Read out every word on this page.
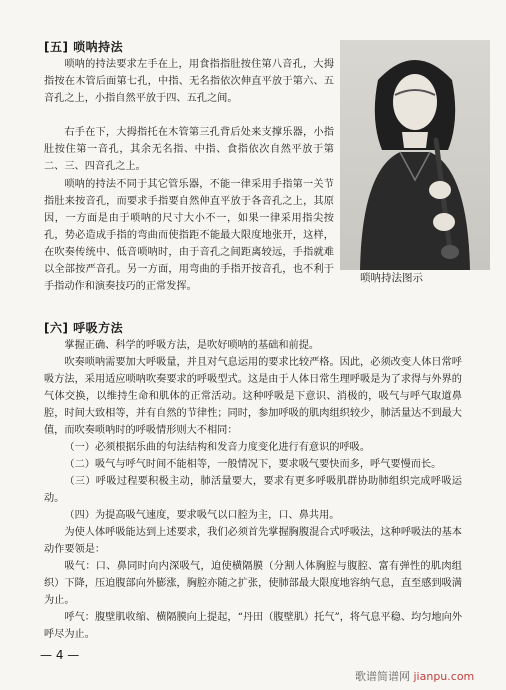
[五] 唢呐持法
唢呐的持法要求左手在上，用食指指肚按住第八音孔，大拇指按在木管后面第七孔，中指、无名指依次伸直平放于第六、五音孔之上，小指自然平放于四、五孔之间。
右手在下，大拇指托在木管第三孔背后处来支撑乐器，小指肚按住第一音孔，其余无名指、中指、食指依次自然平放于第二、三、四音孔之上。
唢呐的持法不同于其它管乐器，不能一律采用手指第一关节指肚来按音孔，而要求手指要自然伸直平放于各音孔之上，其原因，一方面是由于唢呐的尺寸大小不一，如果一律采用指尖按孔，势必造成手指的弯曲而使指距不能最大限度地张开，这样，在吹奏传统中、低音唢呐时，由于音孔之间距离较远，手指就难以全部按严音孔。另一方面，用弯曲的手指开按音孔，也不利于手指动作和演奏技巧的正常发挥。
唢呐持法图示
[六] 呼吸方法
掌握正确、科学的呼吸方法，是吹好唢呐的基础和前提。
吹奏唢呐需要加大呼吸量，并且对气息运用的要求比较严格。因此，必须改变人体日常呼吸方法，采用适应唢呐吹奏要求的呼吸型式。这是由于人体日常生理呼吸是为了求得与外界的气体交换，以维持生命和肌体的正常活动。这种呼吸是下意识、消极的，吸气与呼气取道鼻腔，时间大致相等，并有自然的节律性；同时，参加呼吸的肌肉组织较少，肺活量达不到最大值，而吹奏唢呐时的呼吸情形则大不相同：
（一）必须根据乐曲的句法结构和发音力度变化进行有意识的呼吸。
（二）吸气与呼气时间不能相等，一般情况下，要求吸气要快而多，呼气要慢而长。
（三）呼吸过程要积极主动，肺活量要大，要求有更多呼吸肌群协助肺组织完成呼吸运动。
（四）为提高吸气速度，要求吸气以口腔为主，口、鼻共用。
为使人体呼吸能达到上述要求，我们必须首先掌握胸腹混合式呼吸法，这种呼吸法的基本动作要领是：
吸气：口、鼻同时向内深吸气，迫使横隔膜（分割人体胸腔与腹腔、富有弹性的肌肉组织）下降，压迫腹部向外膨涨，胸腔亦随之扩张，使肺部最大限度地容纳气息，直至感到吸满为止。
呼气：腹壁肌收缩、横隔膜向上提起，“丹田（腹壁肌）托气”，将气息平稳、均匀地向外呼尽为止。
— 4 —
歌谱简谱网 jianpu.com
